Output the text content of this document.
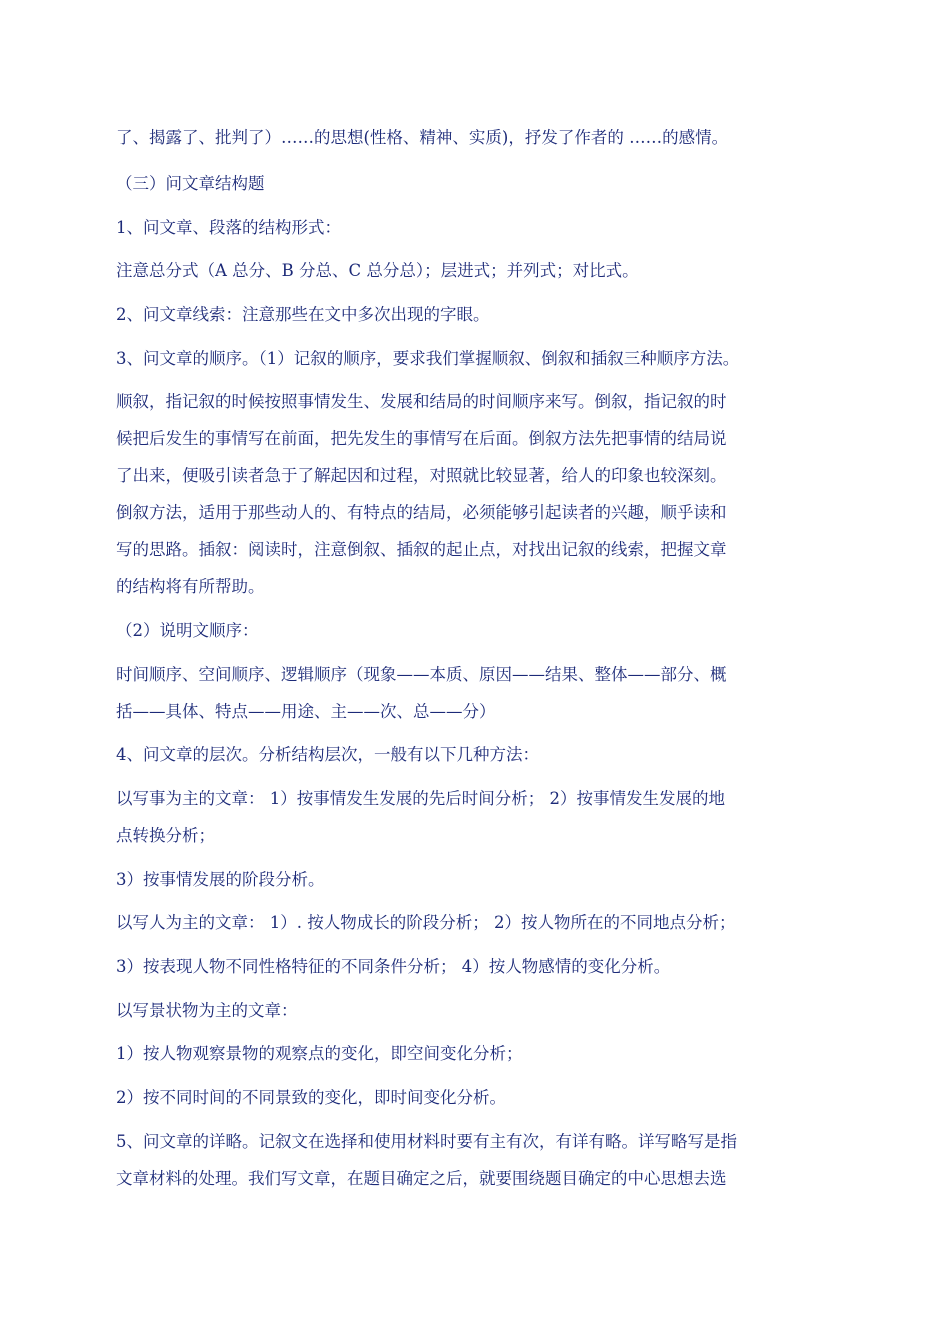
了、揭露了、批判了）……的思想(性格、精神、实质)，抒发了作者的 ……的感情。
（三）问文章结构题
1、问文章、段落的结构形式：
注意总分式（A 总分、B 分总、C 总分总）；层进式；并列式；对比式。
2、问文章线索：注意那些在文中多次出现的字眼。
3、问文章的顺序。（1）记叙的顺序，要求我们掌握顺叙、倒叙和插叙三种顺序方法。
顺叙，指记叙的时候按照事情发生、发展和结局的时间顺序来写。倒叙，指记叙的时
候把后发生的事情写在前面，把先发生的事情写在后面。倒叙方法先把事情的结局说
了出来，便吸引读者急于了解起因和过程，对照就比较显著，给人的印象也较深刻。
倒叙方法，适用于那些动人的、有特点的结局，必须能够引起读者的兴趣，顺乎读和
写的思路。插叙：阅读时，注意倒叙、插叙的起止点，对找出记叙的线索，把握文章
的结构将有所帮助。
（2）说明文顺序：
时间顺序、空间顺序、逻辑顺序（现象——本质、原因——结果、整体——部分、概
括——具体、特点——用途、主——次、总——分）
4、问文章的层次。分析结构层次，一般有以下几种方法：
以写事为主的文章： 1）按事情发生发展的先后时间分析； 2）按事情发生发展的地
点转换分析；
3）按事情发展的阶段分析。
以写人为主的文章： 1）. 按人物成长的阶段分析； 2）按人物所在的不同地点分析；
3）按表现人物不同性格特征的不同条件分析； 4）按人物感情的变化分析。
以写景状物为主的文章：
1）按人物观察景物的观察点的变化，即空间变化分析；
2）按不同时间的不同景致的变化，即时间变化分析。
5、问文章的详略。记叙文在选择和使用材料时要有主有次，有详有略。详写略写是指
文章材料的处理。我们写文章，在题目确定之后，就要围绕题目确定的中心思想去选
